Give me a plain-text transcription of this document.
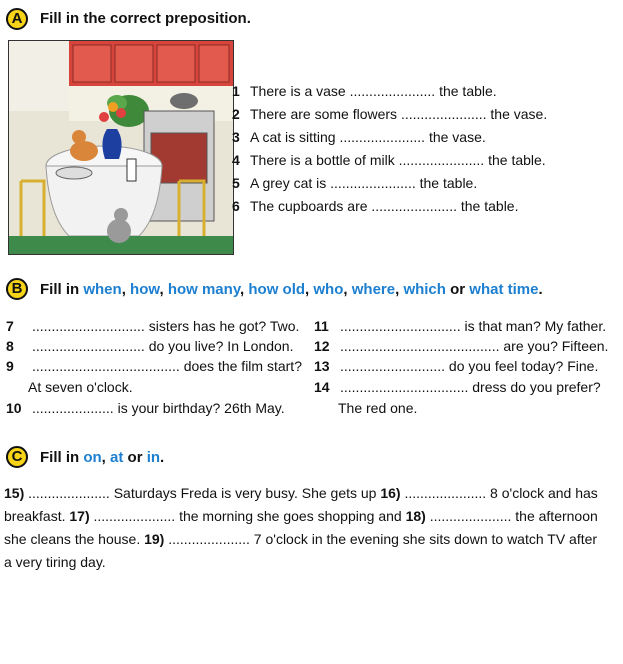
A	Fill in the correct preposition.
1 There is a vase ...................... the table.
2 There are some flowers ...................... the vase.
3 A cat is sitting ...................... the vase.
4 There is a bottle of milk ...................... the table.
5 A grey cat is ...................... the table.
6 The cupboards are ...................... the table.
B	Fill in when, how, how many, how old, who, where, which or what time.
7 ............................. sisters has he got? Two.
8 ............................. do you live? In London.
9 ...................................... does the film start?
At seven o'clock.
10 ..................... is your birthday? 26th May.
11 ............................... is that man? My father.
12 ......................................... are you? Fifteen.
13 ........................... do you feel today? Fine.
14 ................................. dress do you prefer?
The red one.
C	Fill in on, at or in.
15) ..................... Saturdays Freda is very busy. She gets up 16) ..................... 8 o'clock and has
breakfast. 17) ..................... the morning she goes shopping and 18) ..................... the afternoon
she cleans the house. 19) ..................... 7 o'clock in the evening she sits down to watch TV after
a very tiring day.
